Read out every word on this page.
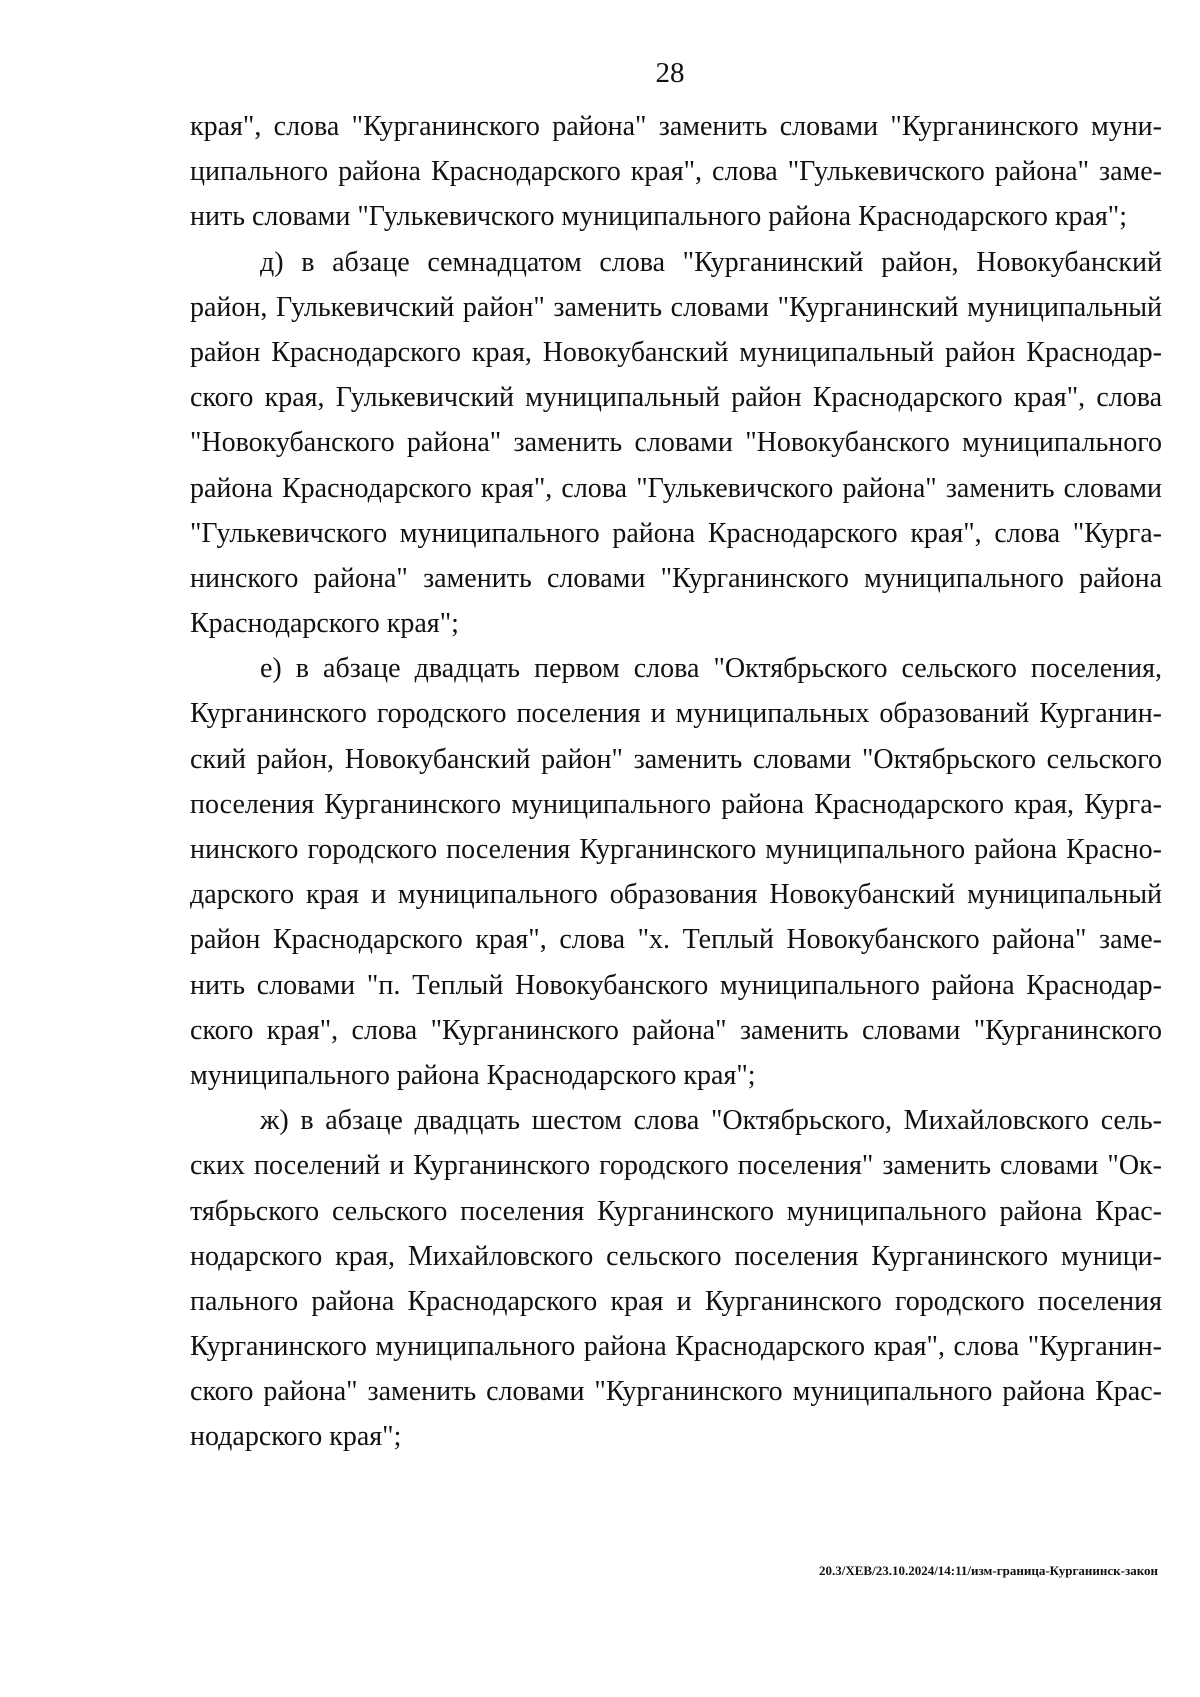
28
края", слова "Курганинского района" заменить словами "Курганинского муни-
ципального района Краснодарского края", слова "Гулькевичского района" заме-
нить словами "Гулькевичского муниципального района Краснодарского края";
д) в абзаце семнадцатом слова "Курганинский район, Новокубанский
район, Гулькевичский район" заменить словами "Курганинский муниципальный
район Краснодарского края, Новокубанский муниципальный район Краснодар-
ского края, Гулькевичский муниципальный район Краснодарского края", слова
"Новокубанского района" заменить словами "Новокубанского муниципального
района Краснодарского края", слова "Гулькевичского района" заменить словами
"Гулькевичского муниципального района Краснодарского края", слова "Курга-
нинского района" заменить словами "Курганинского муниципального района
Краснодарского края";
е) в абзаце двадцать первом слова "Октябрьского сельского поселения,
Курганинского городского поселения и муниципальных образований Курганин-
ский район, Новокубанский район" заменить словами "Октябрьского сельского
поселения Курганинского муниципального района Краснодарского края, Курга-
нинского городского поселения Курганинского муниципального района Красно-
дарского края и муниципального образования Новокубанский муниципальный
район Краснодарского края", слова "х. Теплый Новокубанского района" заме-
нить словами "п. Теплый Новокубанского муниципального района Краснодар-
ского края", слова "Курганинского района" заменить словами "Курганинского
муниципального района Краснодарского края";
ж) в абзаце двадцать шестом слова "Октябрьского, Михайловского сель-
ских поселений и Курганинского городского поселения" заменить словами "Ок-
тябрьского сельского поселения Курганинского муниципального района Крас-
нодарского края, Михайловского сельского поселения Курганинского муници-
пального района Краснодарского края и Курганинского городского поселения
Курганинского муниципального района Краснодарского края", слова "Курганин-
ского района" заменить словами "Курганинского муниципального района Крас-
нодарского края";
20.3/ХЕВ/23.10.2024/14:11/изм-граница-Курганинск-закон
